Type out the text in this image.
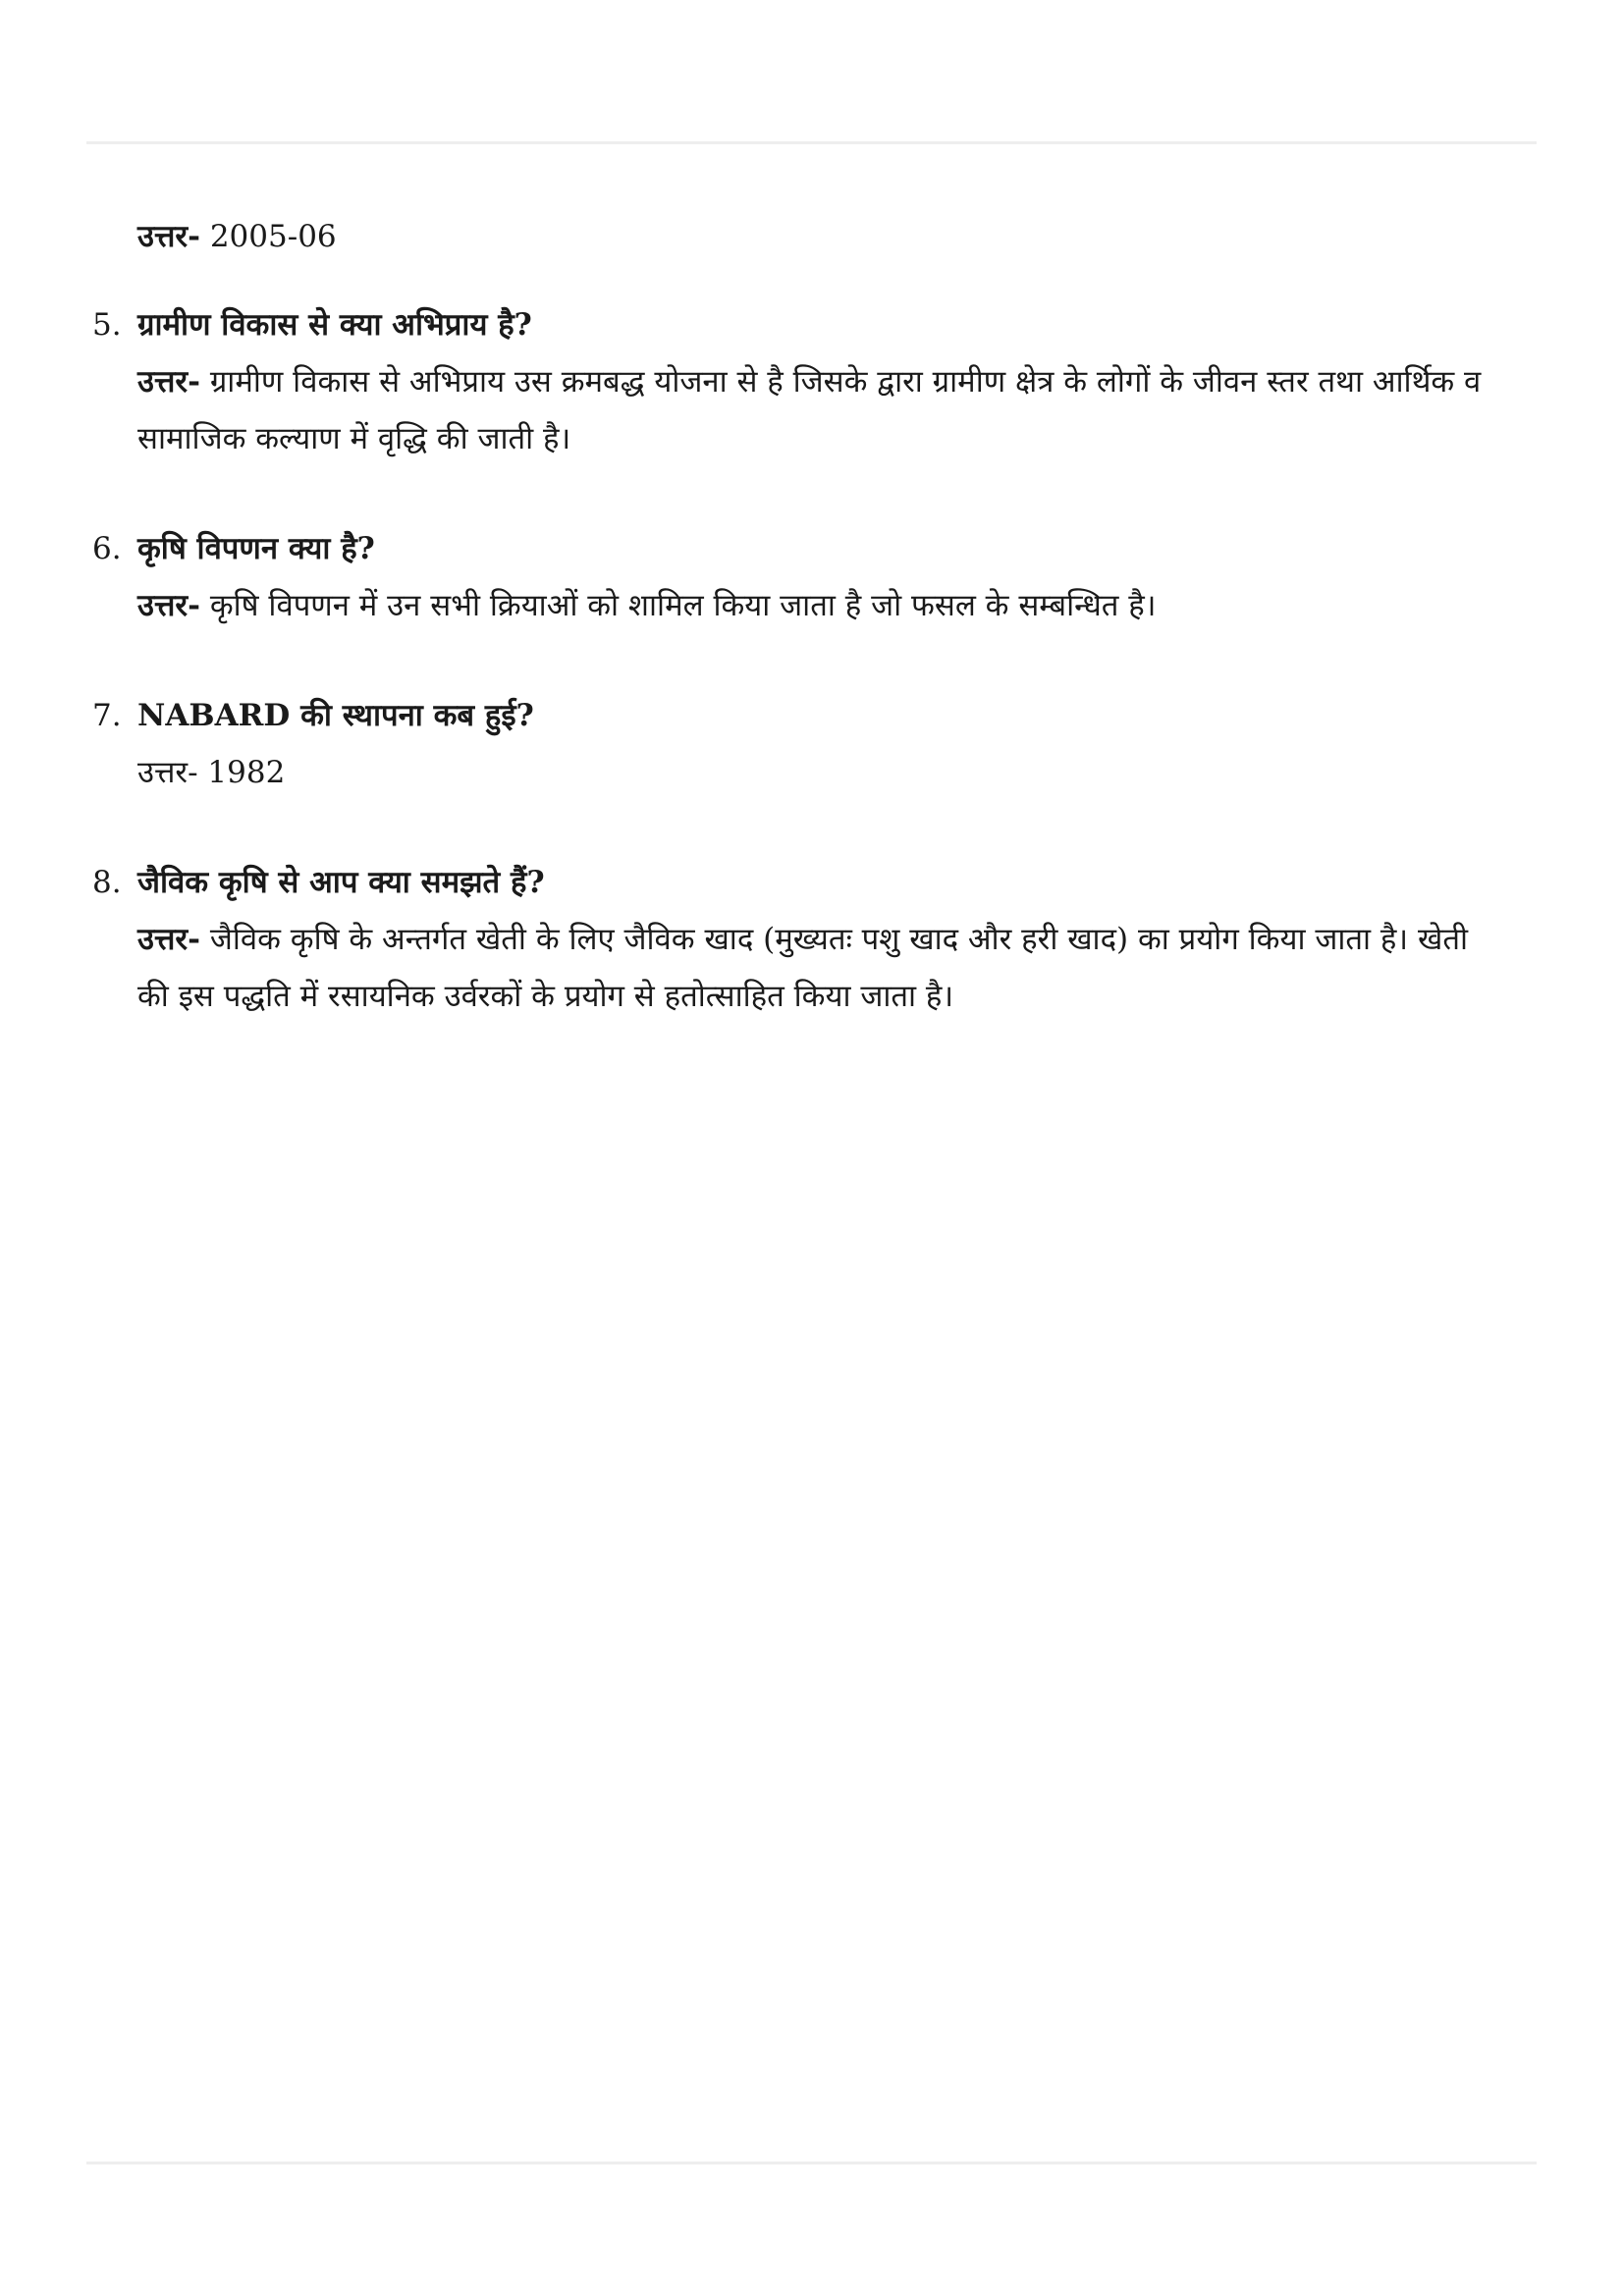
उत्तर- 2005-06
5. ग्रामीण विकास से क्या अभिप्राय है?
उत्तर- ग्रामीण विकास से अभिप्राय उस क्रमबद्ध योजना से है जिसके द्वारा ग्रामीण क्षेत्र के लोगों के जीवन स्तर तथा आर्थिक व
सामाजिक कल्याण में वृद्धि की जाती है।
6. कृषि विपणन क्या है?
उत्तर- कृषि विपणन में उन सभी क्रियाओं को शामिल किया जाता है जो फसल के सम्बन्धित है।
7. NABARD की स्थापना कब हुई?
उत्तर- 1982
8. जैविक कृषि से आप क्या समझते हैं?
उत्तर- जैविक कृषि के अन्तर्गत खेती के लिए जैविक खाद (मुख्यतः पशु खाद और हरी खाद) का प्रयोग किया जाता है। खेती
की इस पद्धति में रसायनिक उर्वरकों के प्रयोग से हतोत्साहित किया जाता है।
